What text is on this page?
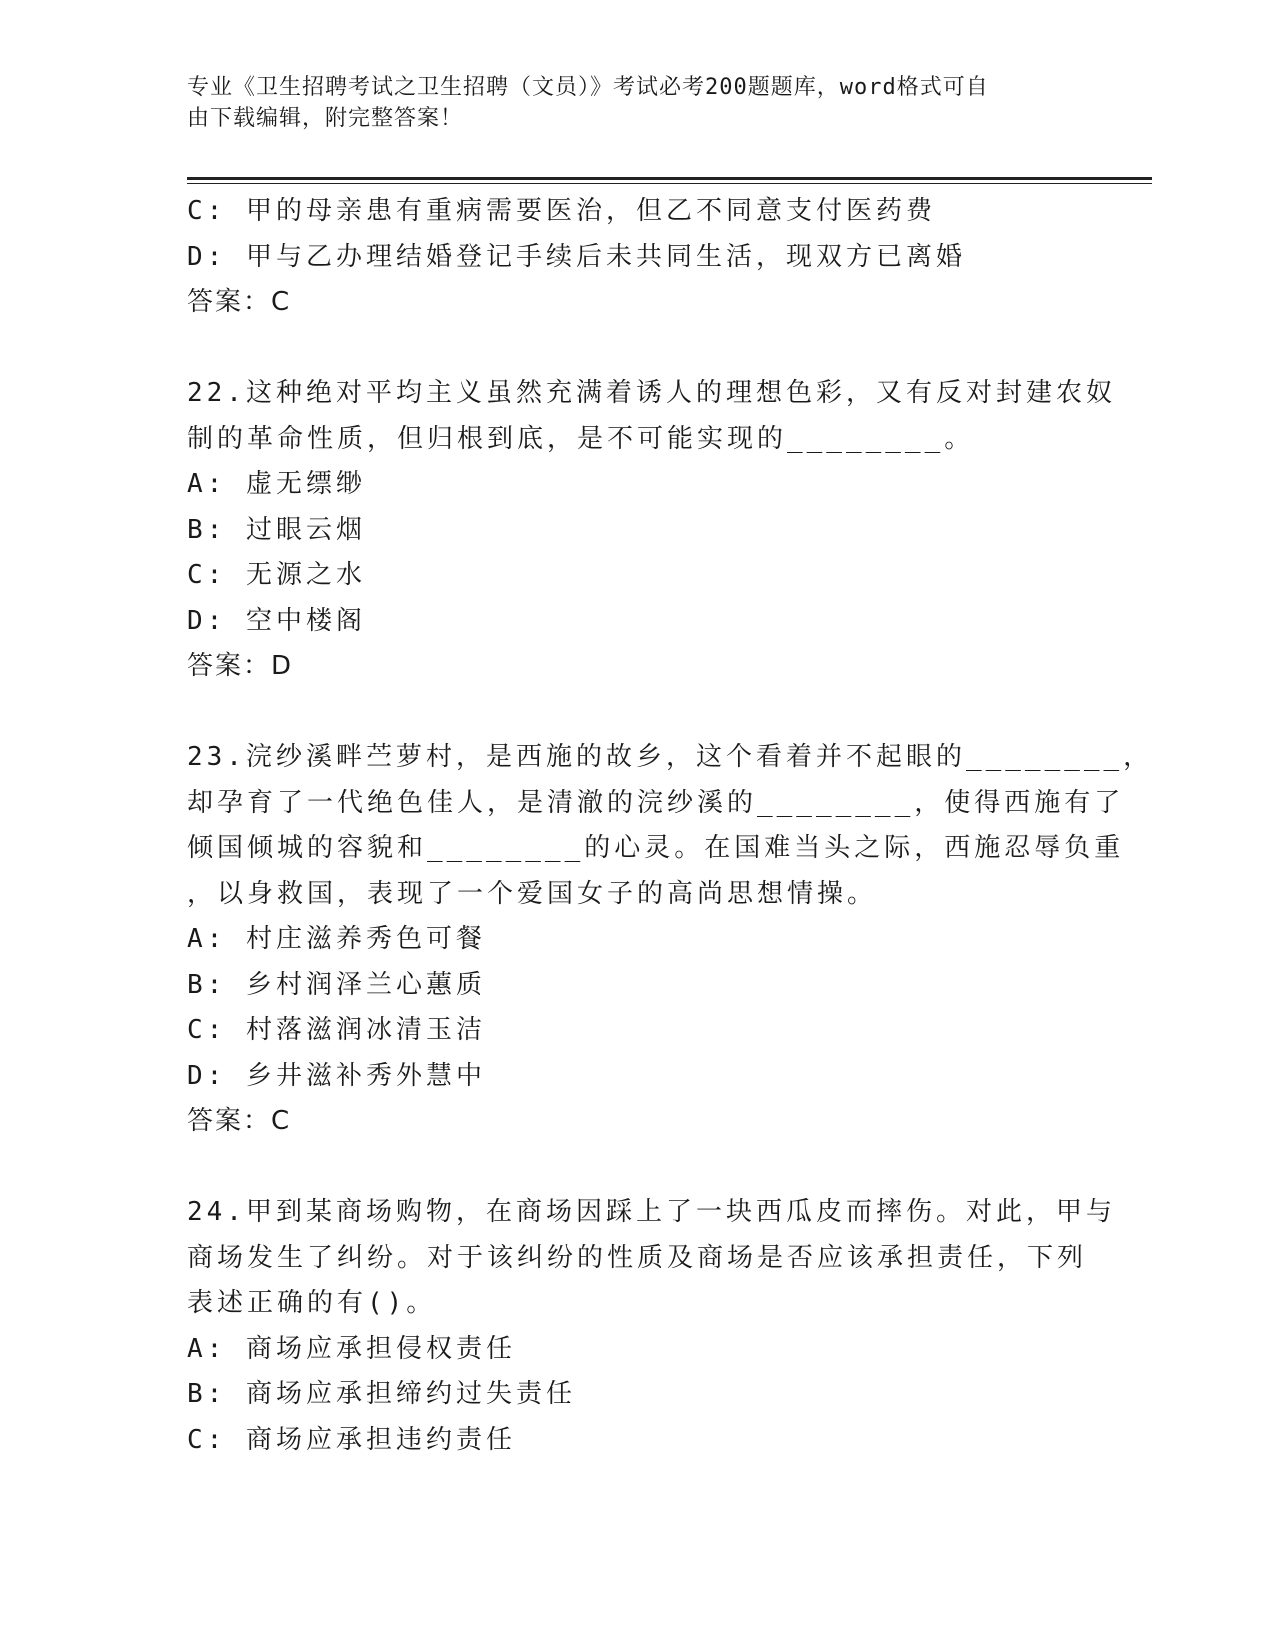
专业《卫生招聘考试之卫生招聘（文员）》考试必考200题题库，word格式可自
由下载编辑，附完整答案！
C: 甲的母亲患有重病需要医治，但乙不同意支付医药费
D: 甲与乙办理结婚登记手续后未共同生活，现双方已离婚
答案：C
22.这种绝对平均主义虽然充满着诱人的理想色彩，又有反对封建农奴
制的革命性质，但归根到底，是不可能实现的________。
A: 虚无缥缈
B: 过眼云烟
C: 无源之水
D: 空中楼阁
答案：D
23.浣纱溪畔苎萝村，是西施的故乡，这个看着并不起眼的________，
却孕育了一代绝色佳人，是清澈的浣纱溪的________，使得西施有了
倾国倾城的容貌和________的心灵。在国难当头之际，西施忍辱负重
，以身救国，表现了一个爱国女子的高尚思想情操。
A: 村庄滋养秀色可餐
B: 乡村润泽兰心蕙质
C: 村落滋润冰清玉洁
D: 乡井滋补秀外慧中
答案：C
24.甲到某商场购物，在商场因踩上了一块西瓜皮而摔伤。对此，甲与
商场发生了纠纷。对于该纠纷的性质及商场是否应该承担责任，下列
表述正确的有()。
A: 商场应承担侵权责任
B: 商场应承担缔约过失责任
C: 商场应承担违约责任
